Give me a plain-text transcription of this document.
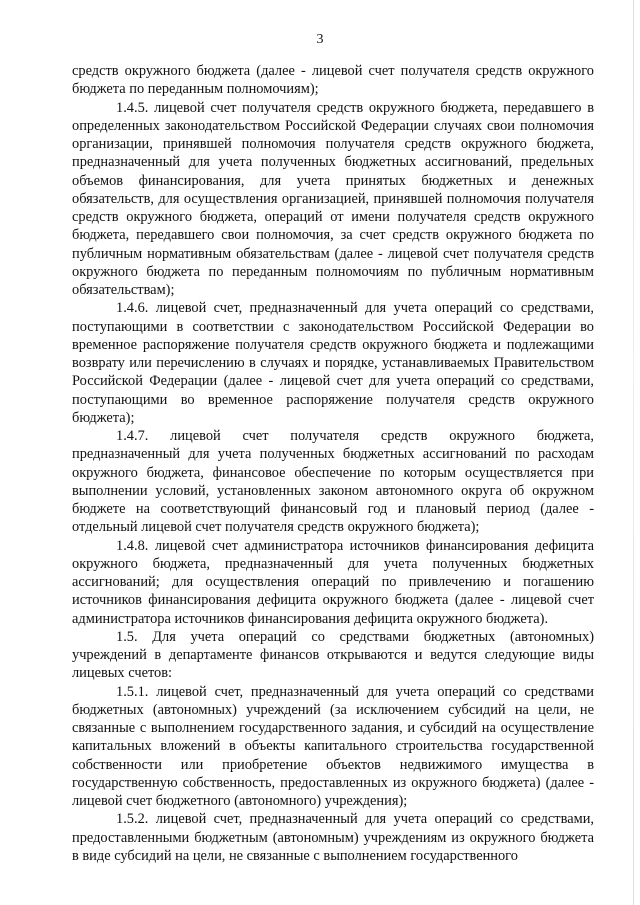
3

средств окружного бюджета (далее - лицевой счет получателя средств окружного бюджета по переданным полномочиям);

1.4.5. лицевой счет получателя средств окружного бюджета, передавшего в определенных законодательством Российской Федерации случаях свои полномочия организации, принявшей полномочия получателя средств окружного бюджета, предназначенный для учета полученных бюджетных ассигнований, предельных объемов финансирования, для учета принятых бюджетных и денежных обязательств, для осуществления организацией, принявшей полномочия получателя средств окружного бюджета, операций от имени получателя средств окружного бюджета, передавшего свои полномочия, за счет средств окружного бюджета по публичным нормативным обязательствам (далее - лицевой счет получателя средств окружного бюджета по переданным полномочиям по публичным нормативным обязательствам);

1.4.6. лицевой счет, предназначенный для учета операций со средствами, поступающими в соответствии с законодательством Российской Федерации во временное распоряжение получателя средств окружного бюджета и подлежащими возврату или перечислению в случаях и порядке, устанавливаемых Правительством Российской Федерации (далее - лицевой счет для учета операций со средствами, поступающими во временное распоряжение получателя средств окружного бюджета);

1.4.7. лицевой счет получателя средств окружного бюджета, предназначенный для учета полученных бюджетных ассигнований по расходам окружного бюджета, финансовое обеспечение по которым осуществляется при выполнении условий, установленных законом автономного округа об окружном бюджете на соответствующий финансовый год и плановый период (далее - отдельный лицевой счет получателя средств окружного бюджета);

1.4.8. лицевой счет администратора источников финансирования дефицита окружного бюджета, предназначенный для учета полученных бюджетных ассигнований; для осуществления операций по привлечению и погашению источников финансирования дефицита окружного бюджета (далее - лицевой счет администратора источников финансирования дефицита окружного бюджета).

1.5. Для учета операций со средствами бюджетных (автономных) учреждений в департаменте финансов открываются и ведутся следующие виды лицевых счетов:

1.5.1. лицевой счет, предназначенный для учета операций со средствами бюджетных (автономных) учреждений (за исключением субсидий на цели, не связанные с выполнением государственного задания, и субсидий на осуществление капитальных вложений в объекты капитального строительства государственной собственности или приобретение объектов недвижимого имущества в государственную собственность, предоставленных из окружного бюджета) (далее - лицевой счет бюджетного (автономного) учреждения);

1.5.2. лицевой счет, предназначенный для учета операций со средствами, предоставленными бюджетным (автономным) учреждениям из окружного бюджета в виде субсидий на цели, не связанные с выполнением государственного
